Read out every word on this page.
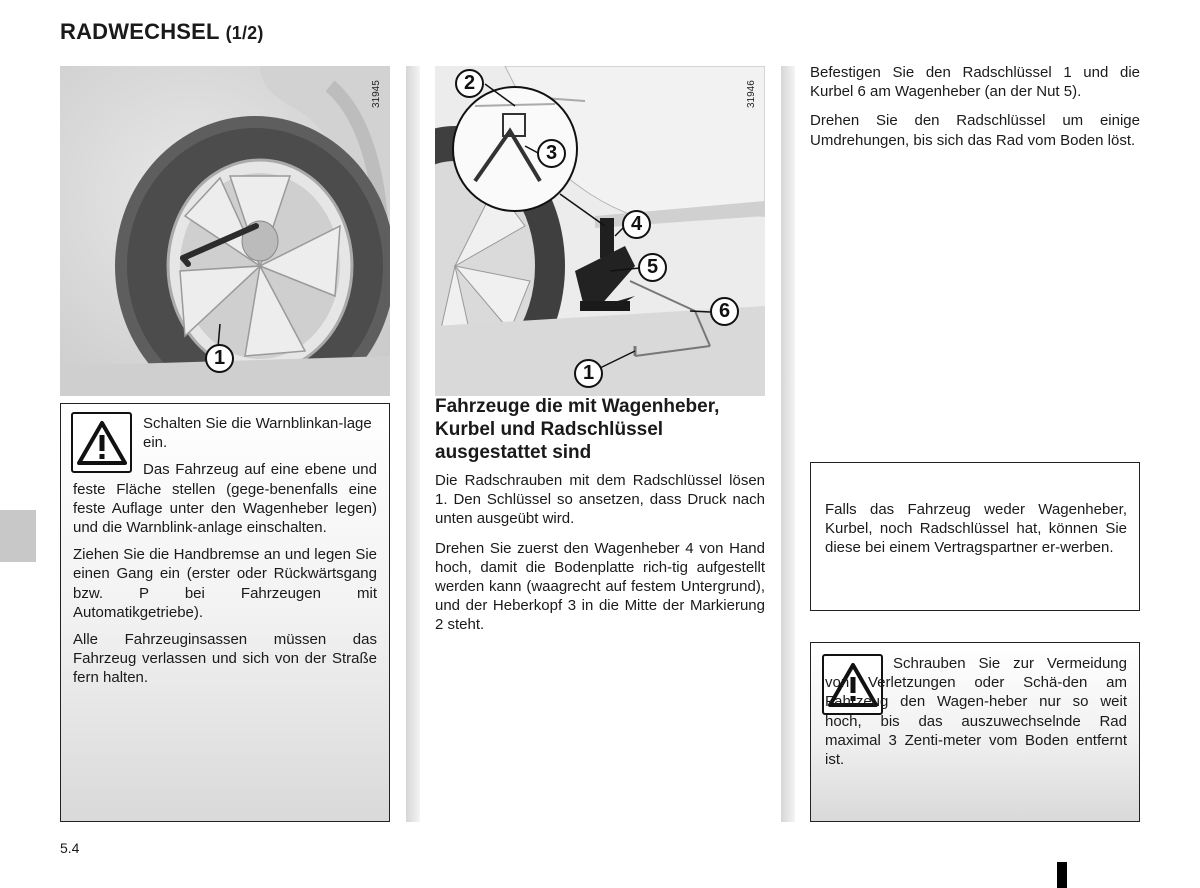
RADWECHSEL (1/2)
1
31945	2
3
4
5
6
1
31946
Schalten Sie die Warnblinkan-lage ein.
Das Fahrzeug auf eine ebene und feste Fläche stellen (gege-benenfalls eine feste Auflage unter den Wagenheber legen) und die Warnblink-anlage einschalten.
Ziehen Sie die Handbremse an und legen Sie einen Gang ein (erster oder Rückwärtsgang bzw. P bei Fahrzeugen mit Automatikgetriebe).
Alle Fahrzeuginsassen müssen das Fahrzeug verlassen und sich von der Straße fern halten.
Fahrzeuge die mit Wagenheber, Kurbel und Radschlüssel ausgestattet sind
Die Radschrauben mit dem Radschlüssel lösen 1. Den Schlüssel so ansetzen, dass Druck nach unten ausgeübt wird.
Drehen Sie zuerst den Wagenheber 4 von Hand hoch, damit die Bodenplatte rich-tig aufgestellt werden kann (waagrecht auf festem Untergrund), und der Heberkopf 3 in die Mitte der Markierung 2 steht.
Befestigen Sie den Radschlüssel 1 und die Kurbel 6 am Wagenheber (an der Nut 5).
Drehen Sie den Radschlüssel um einige Umdrehungen, bis sich das Rad vom Boden löst.
Falls das Fahrzeug weder Wagenheber, Kurbel, noch Radschlüssel hat, können Sie diese bei einem Vertragspartner er-werben.
Schrauben Sie zur Vermeidung von Verletzungen oder Schä-den am Fahrzeug den Wagen-heber nur so weit hoch, bis das auszuwechselnde Rad maximal 3 Zenti-meter vom Boden entfernt ist.
5.4
